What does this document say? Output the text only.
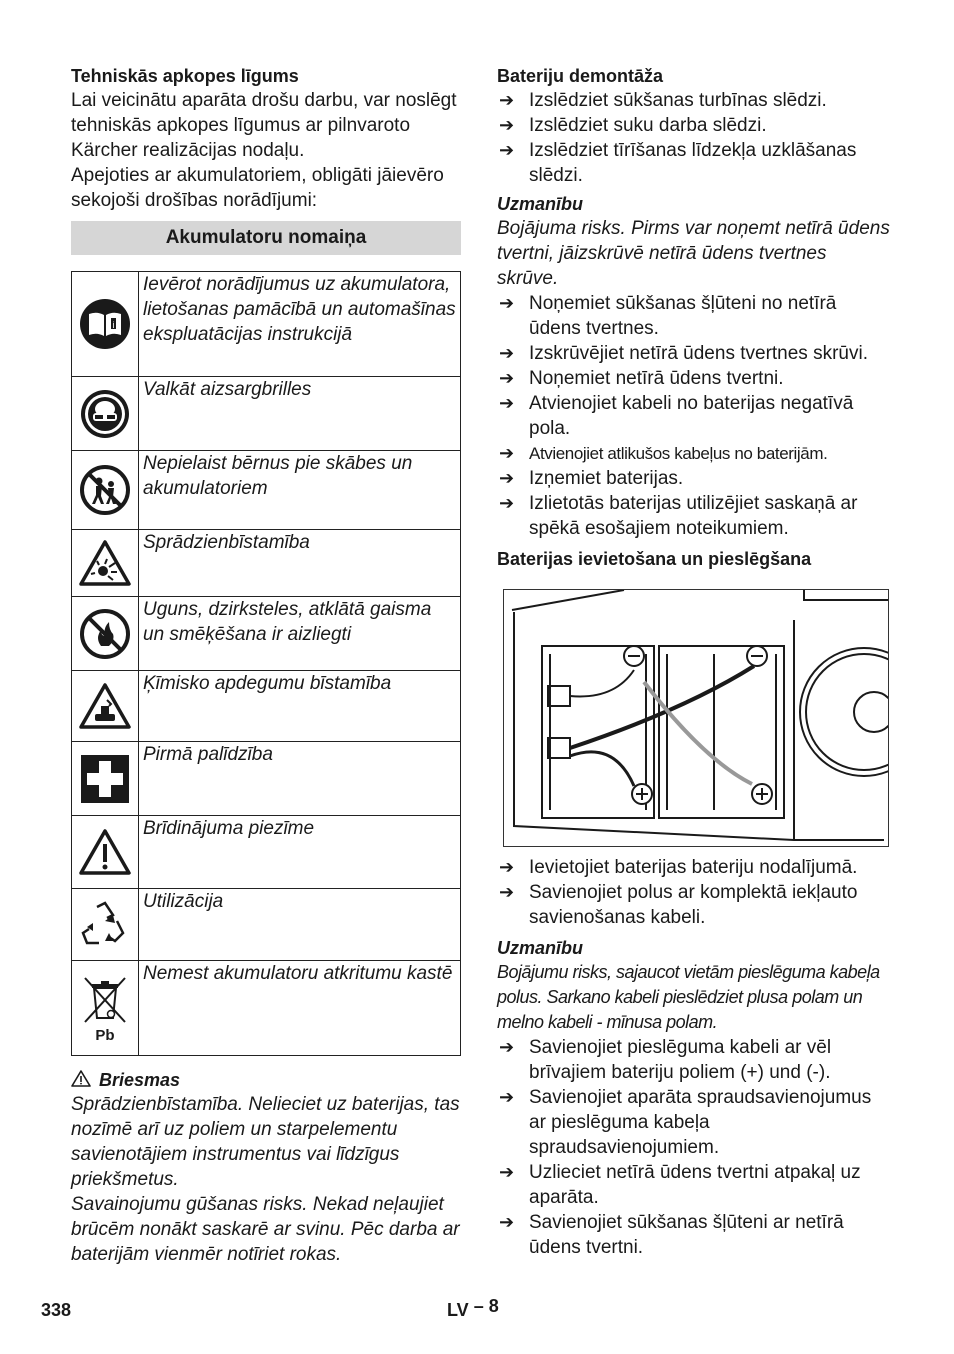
Tehniskās apkopes līgums

Lai veicinātu aparāta drošu darbu, var noslēgt tehniskās apkopes līgumus ar pilnvaroto Kärcher realizācijas nodaļu.

Apejoties ar akumulatoriem, obligāti jāievēro sekojoši drošības norādījumi:

Akumulatoru nomaiņa
i	Ievērot norādījumus uz akumulatora, lietošanas pamācībā un automašīnas ekspluatācijas instrukcijā

	Valkāt aizsargbrilles

	Nepielaist bērnus pie skābes un akumulatoriem

	Sprādzienbīstamība

	Uguns, dzirksteles, atklātā gaisma un smēķēšana ir aizliegti

	Ķīmisko apdegumu bīstamība

	Pirmā palīdzība

	Brīdinājuma piezīme

	Utilizācija

Pb	Nemest akumulatoru atkritumu kastē
Briesmas

Sprādzienbīstamība. Nelieciet uz baterijas, tas nozīmē arī uz poliem un starpelementu savienotājiem instrumentus vai līdzīgus priekšmetus.

Savainojumu gūšanas risks. Nekad neļaujiet brūcēm nonākt saskarē ar svinu. Pēc darba ar baterijām vienmēr notīriet rokas.

Bateriju demontāža

➔ Izslēdziet sūkšanas turbīnas slēdzi.
➔ Izslēdziet suku darba slēdzi.
➔ Izslēdziet tīrīšanas līdzekļa uzklāšanas slēdzi.
Uzmanību

Bojājuma risks. Pirms var noņemt netīrā ūdens tvertni, jāizskrūvē netīrā ūdens tvertnes skrūve.

➔ Noņemiet sūkšanas šļūteni no netīrā ūdens tvertnes.
➔ Izskrūvējiet netīrā ūdens tvertnes skrūvi.
➔ Noņemiet netīrā ūdens tvertni.
➔ Atvienojiet kabeli no baterijas negatīvā pola.
➔ Atvienojiet atlikušos kabeļus no baterijām.
➔ Izņemiet baterijas.
➔ Izlietotās baterijas utilizējiet saskaņā ar spēkā esošajiem noteikumiem.

Baterijas ievietošana un pieslēgšana

➔ Ievietojiet baterijas bateriju nodalījumā.
➔ Savienojiet polus ar komplektā iekļauto savienošanas kabeli.
Uzmanību

Bojājumu risks, sajaucot vietām pieslēguma kabeļa polus. Sarkano kabeli pieslēdziet plusa polam un melno kabeli - mīnusa polam.

➔ Savienojiet pieslēguma kabeli ar vēl brīvajiem bateriju poliem (+) und (-).
➔ Savienojiet aparāta spraudsavienojumus ar pieslēguma kabeļa spraudsavienojumiem.
➔ Uzlieciet netīrā ūdens tvertni atpakaļ uz aparāta.
➔ Savienojiet sūkšanas šļūteni ar netīrā ūdens tvertni.
338	LV – 8
